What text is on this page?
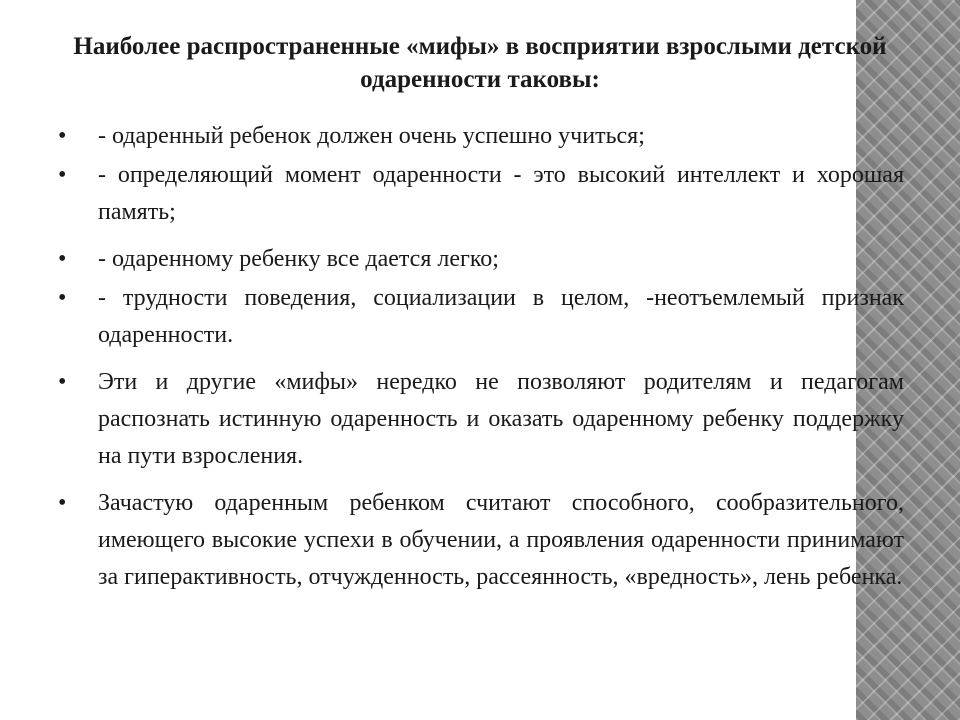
Наиболее распространенные «мифы» в восприятии взрослыми детской одаренности таковы:
•	- одаренный ребенок должен очень успешно учиться;
•	- определяющий момент одаренности - это высокий интеллект и хорошая память;
•	- одаренному ребенку все дается легко;
•	- трудности поведения, социализации в целом, -неотъемлемый признак одаренности.
•	Эти и другие «мифы» нередко не позволяют родителям и педагогам распознать истинную одаренность и оказать одаренному ребенку поддержку на пути взросления.
•	Зачастую одаренным ребенком считают способного, сообразительного, имеющего высокие успехи в обучении, а проявления одаренности принимают за гиперактивность, отчужденность, рассеянность, «вредность», лень ребенка.
